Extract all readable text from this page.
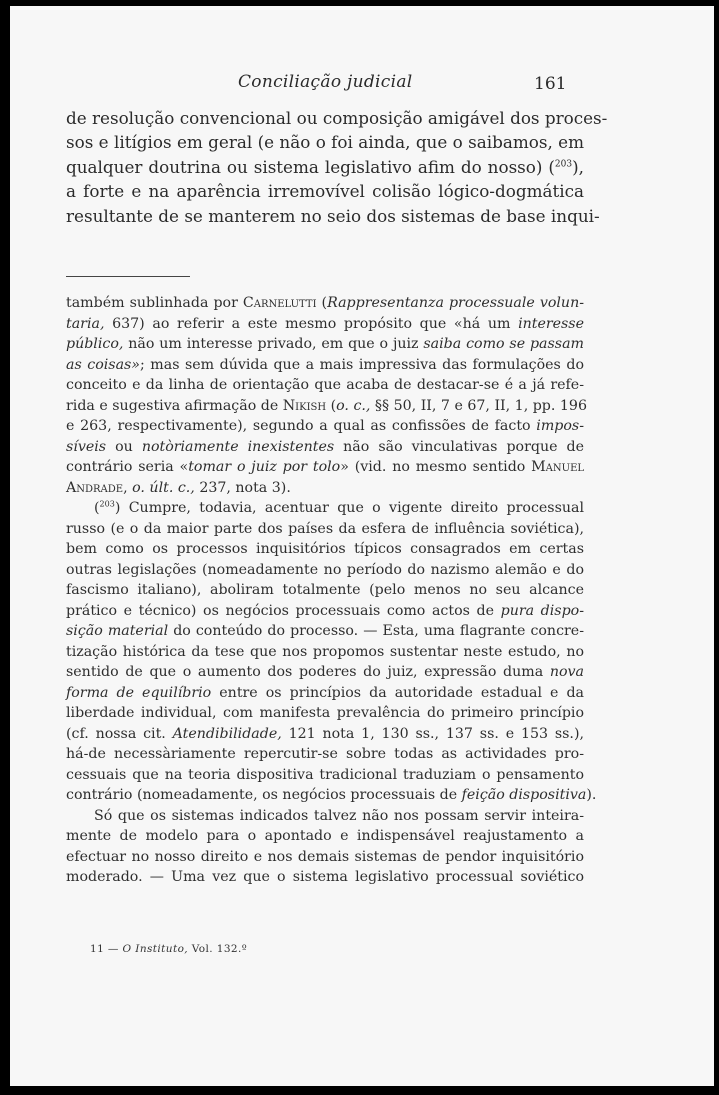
Conciliação judicial	161
de resolução convencional ou composição amigável dos proces-
sos e litígios em geral (e não o foi ainda, que o saibamos, em
qualquer doutrina ou sistema legislativo afim do nosso) ($^{203}$),
a forte e na aparência irremovível colisão lógico-dogmática
resultante de se manterem no seio dos sistemas de base inqui-
também sublinhada por Carnelutti (Rappresentanza processuale volun-
taria, 637) ao referir a este mesmo propósito que «há um interesse
público, não um interesse privado, em que o juiz saiba como se passam
as coisas»; mas sem dúvida que a mais impressiva das formulações do
conceito e da linha de orientação que acaba de destacar-se é a já refe-
rida e sugestiva afirmação de Nikish (o. c., §§ 50, II, 7 e 67, II, 1, pp. 196
e 263, respectivamente), segundo a qual as confissões de facto impos-
síveis ou notòriamente inexistentes não são vinculativas porque de
contrário seria «tomar o juiz por tolo» (vid. no mesmo sentido Manuel
Andrade, o. últ. c., 237, nota 3).
($^{203}$) Cumpre, todavia, acentuar que o vigente direito processual
russo (e o da maior parte dos países da esfera de influência soviética),
bem como os processos inquisitórios típicos consagrados em certas
outras legislações (nomeadamente no período do nazismo alemão e do
fascismo italiano), aboliram totalmente (pelo menos no seu alcance
prático e técnico) os negócios processuais como actos de pura dispo-
sição material do conteúdo do processo. — Esta, uma flagrante concre-
tização histórica da tese que nos propomos sustentar neste estudo, no
sentido de que o aumento dos poderes do juiz, expressão duma nova
forma de equilíbrio entre os princípios da autoridade estadual e da
liberdade individual, com manifesta prevalência do primeiro princípio
(cf. nossa cit. Atendibilidade, 121 nota 1, 130 ss., 137 ss. e 153 ss.),
há-de necessàriamente repercutir-se sobre todas as actividades pro-
cessuais que na teoria dispositiva tradicional traduziam o pensamento
contrário (nomeadamente, os negócios processuais de feição dispositiva).
Só que os sistemas indicados talvez não nos possam servir inteira-
mente de modelo para o apontado e indispensável reajustamento a
efectuar no nosso direito e nos demais sistemas de pendor inquisitório
moderado. — Uma vez que o sistema legislativo processual soviético
11 — O Instituto, Vol. 132.º
